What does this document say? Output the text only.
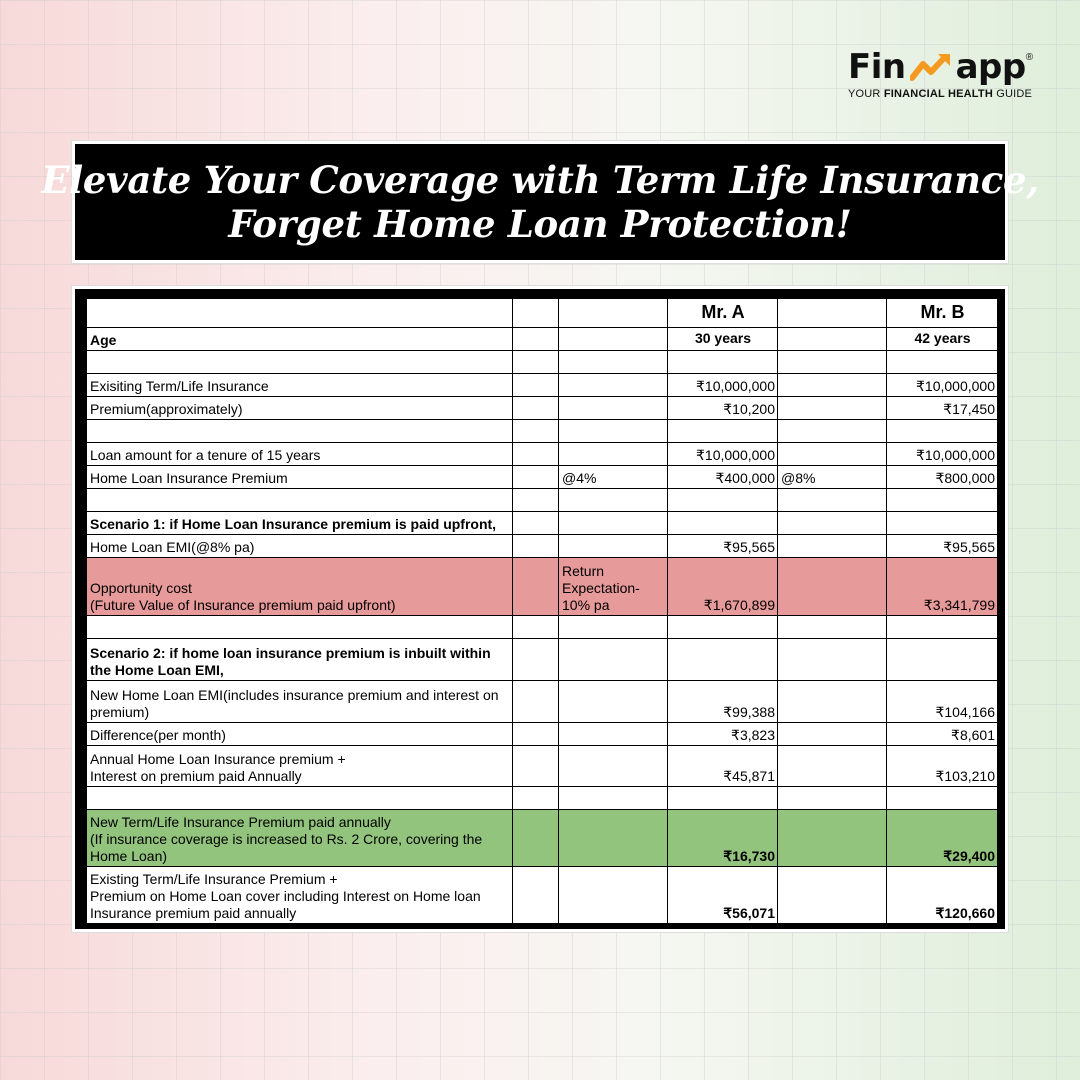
Fin app ®
YOUR FINANCIAL HEALTH GUIDE
Elevate Your Coverage with Term Life Insurance,
Forget Home Loan Protection!
			Mr. A		Mr. B
Age			30 years		42 years

Exisiting Term/Life Insurance			₹10,000,000		₹10,000,000
Premium(approximately)			₹10,200		₹17,450

Loan amount for a tenure of 15 years			₹10,000,000		₹10,000,000
Home Loan Insurance Premium		@4%	₹400,000	@8%	₹800,000

Scenario 1: if Home Loan Insurance premium is paid upfront,					
Home Loan EMI(@8% pa)			₹95,565		₹95,565
Opportunity cost
(Future Value of Insurance premium paid upfront)		Return Expectation- 10% pa	₹1,670,899		₹3,341,799

Scenario 2: if home loan insurance premium is inbuilt within the Home Loan EMI,					
New Home Loan EMI(includes insurance premium and interest on premium)			₹99,388		₹104,166
Difference(per month)			₹3,823		₹8,601
Annual Home Loan Insurance premium +
Interest on premium paid Annually			₹45,871		₹103,210

New Term/Life Insurance Premium paid annually
(If insurance coverage is increased to Rs. 2 Crore, covering the Home Loan)			₹16,730		₹29,400
Existing Term/Life Insurance Premium +
Premium on Home Loan cover including Interest on Home loan Insurance premium paid annually			₹56,071		₹120,660
